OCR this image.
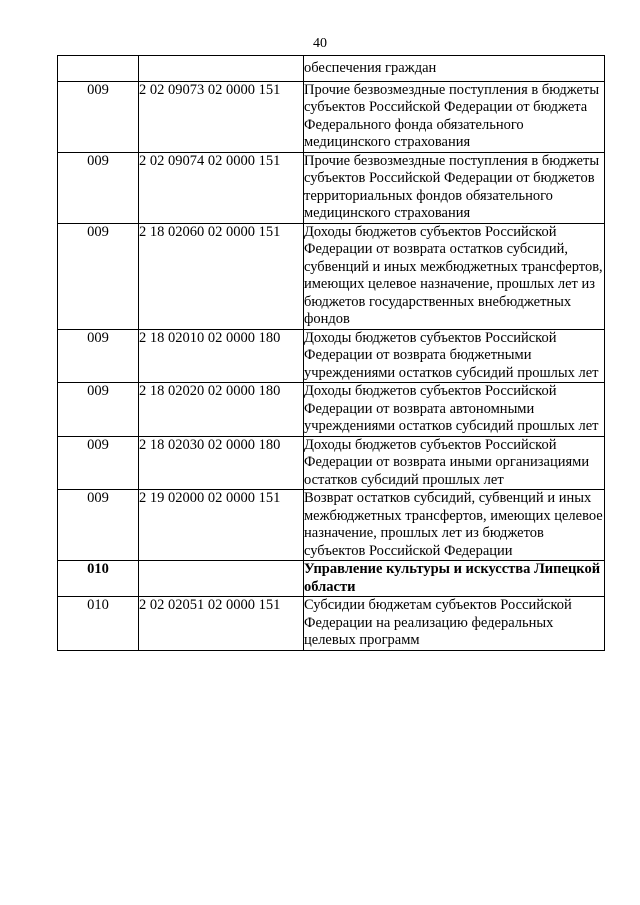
40
		обеспечения граждан
009	2 02 09073 02 0000 151	Прочие безвозмездные поступления в бюджеты субъектов Российской Федерации от бюджета Федерального фонда обязательного медицинского страхования
009	2 02 09074 02 0000 151	Прочие безвозмездные поступления в бюджеты субъектов Российской Федерации от бюджетов территориальных фондов обязательного медицинского страхования
009	2 18 02060 02 0000 151	Доходы бюджетов субъектов Российской Федерации от возврата остатков субсидий, субвенций и иных межбюджетных трансфертов, имеющих целевое назначение, прошлых лет из бюджетов государственных внебюджетных фондов
009	2 18 02010 02 0000 180	Доходы бюджетов субъектов Российской Федерации от возврата бюджетными учреждениями остатков субсидий прошлых лет
009	2 18 02020 02 0000 180	Доходы бюджетов субъектов Российской Федерации от возврата автономными учреждениями остатков субсидий прошлых лет
009	2 18 02030 02 0000 180	Доходы бюджетов субъектов Российской Федерации от возврата иными организациями остатков субсидий прошлых лет
009	2 19 02000 02 0000 151	Возврат остатков субсидий, субвенций и иных межбюджетных трансфертов, имеющих целевое назначение, прошлых лет из бюджетов субъектов Российской Федерации
010		Управление культуры и искусства Липецкой области
010	2 02 02051 02 0000 151	Субсидии бюджетам субъектов Российской Федерации на реализацию федеральных целевых программ
